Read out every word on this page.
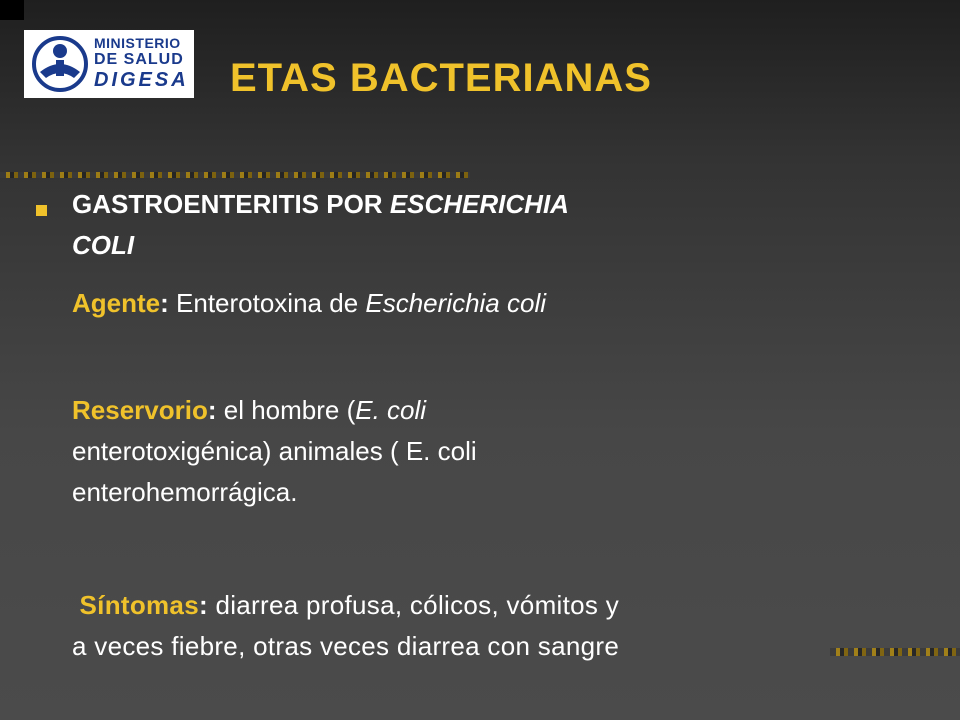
MINISTERIO
DE SALUD
DIGESA ETAS BACTERIANAS
GASTROENTERITIS POR ESCHERICHIA
COLI
Agente: Enterotoxina de Escherichia coli
Reservorio: el hombre (E. coli
enterotoxigénica) animales ( E. coli
enterohemorrágica.
Síntomas: diarrea profusa, cólicos, vómitos y
a veces fiebre, otras veces diarrea con sangre
